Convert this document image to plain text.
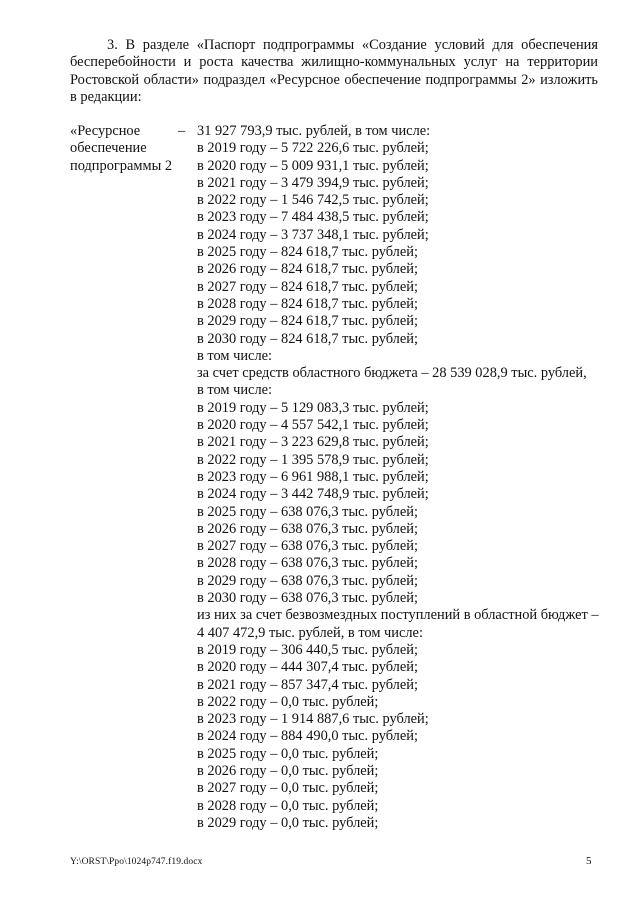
3. В разделе «Паспорт подпрограммы «Создание условий для обеспечения бесперебойности и роста качества жилищно-коммунальных услуг на территории Ростовской области» подраздел «Ресурсное обеспечение подпрограммы 2» изложить в редакции:
«Ресурсное
обеспечение
подпрограммы 2
– 31 927 793,9 тыс. рублей, в том числе:
в 2019 году – 5 722 226,6 тыс. рублей;
в 2020 году – 5 009 931,1 тыс. рублей;
в 2021 году – 3 479 394,9 тыс. рублей;
в 2022 году – 1 546 742,5 тыс. рублей;
в 2023 году – 7 484 438,5 тыс. рублей;
в 2024 году – 3 737 348,1 тыс. рублей;
в 2025 году – 824 618,7 тыс. рублей;
в 2026 году – 824 618,7 тыс. рублей;
в 2027 году – 824 618,7 тыс. рублей;
в 2028 году – 824 618,7 тыс. рублей;
в 2029 году – 824 618,7 тыс. рублей;
в 2030 году – 824 618,7 тыс. рублей;
в том числе:
за счет средств областного бюджета – 28 539 028,9 тыс. рублей,
в том числе:
в 2019 году – 5 129 083,3 тыс. рублей;
в 2020 году – 4 557 542,1 тыс. рублей;
в 2021 году – 3 223 629,8 тыс. рублей;
в 2022 году – 1 395 578,9 тыс. рублей;
в 2023 году – 6 961 988,1 тыс. рублей;
в 2024 году – 3 442 748,9 тыс. рублей;
в 2025 году – 638 076,3 тыс. рублей;
в 2026 году – 638 076,3 тыс. рублей;
в 2027 году – 638 076,3 тыс. рублей;
в 2028 году – 638 076,3 тыс. рублей;
в 2029 году – 638 076,3 тыс. рублей;
в 2030 году – 638 076,3 тыс. рублей;
из них за счет безвозмездных поступлений в областной бюджет –
4 407 472,9 тыс. рублей, в том числе:
в 2019 году – 306 440,5 тыс. рублей;
в 2020 году – 444 307,4 тыс. рублей;
в 2021 году – 857 347,4 тыс. рублей;
в 2022 году – 0,0 тыс. рублей;
в 2023 году – 1 914 887,6 тыс. рублей;
в 2024 году – 884 490,0 тыс. рублей;
в 2025 году – 0,0 тыс. рублей;
в 2026 году – 0,0 тыс. рублей;
в 2027 году – 0,0 тыс. рублей;
в 2028 году – 0,0 тыс. рублей;
в 2029 году – 0,0 тыс. рублей;
Y:\ORST\Ppo\1024p747.f19.docx	5
